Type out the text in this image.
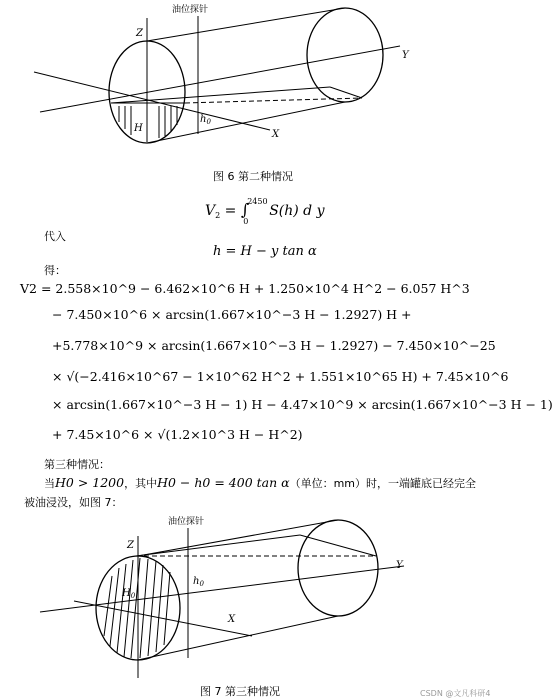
油位探针
Z
Y
X
H
$h_0$
图 6 第二种情况
$V_2$ = ∫
2450
0
S(h) d y
代入
h = H − y tan α
得：
V2 = 2.558×10^9 − 6.462×10^6 H + 1.250×10^4 H^2 − 6.057 H^3
− 7.450×10^6 × arcsin(1.667×10^−3 H − 1.2927) H +
+5.778×10^9 × arcsin(1.667×10^−3 H − 1.2927) − 7.450×10^−25
× √(−2.416×10^67 − 1×10^62 H^2 + 1.551×10^65 H) + 7.45×10^6
× arcsin(1.667×10^−3 H − 1) H − 4.47×10^9 × arcsin(1.667×10^−3 H − 1)
+ 7.45×10^6 × √(1.2×10^3 H − H^2)
第三种情况：
当H0 > 1200，其中H0 − h0 = 400 tan α（单位：mm）时，一端罐底已经完全
被油浸没，如图 7：
油位探针
Z
Y
X
$H_0$
$h_0$
图 7 第三种情况	CSDN @文凡科研4
